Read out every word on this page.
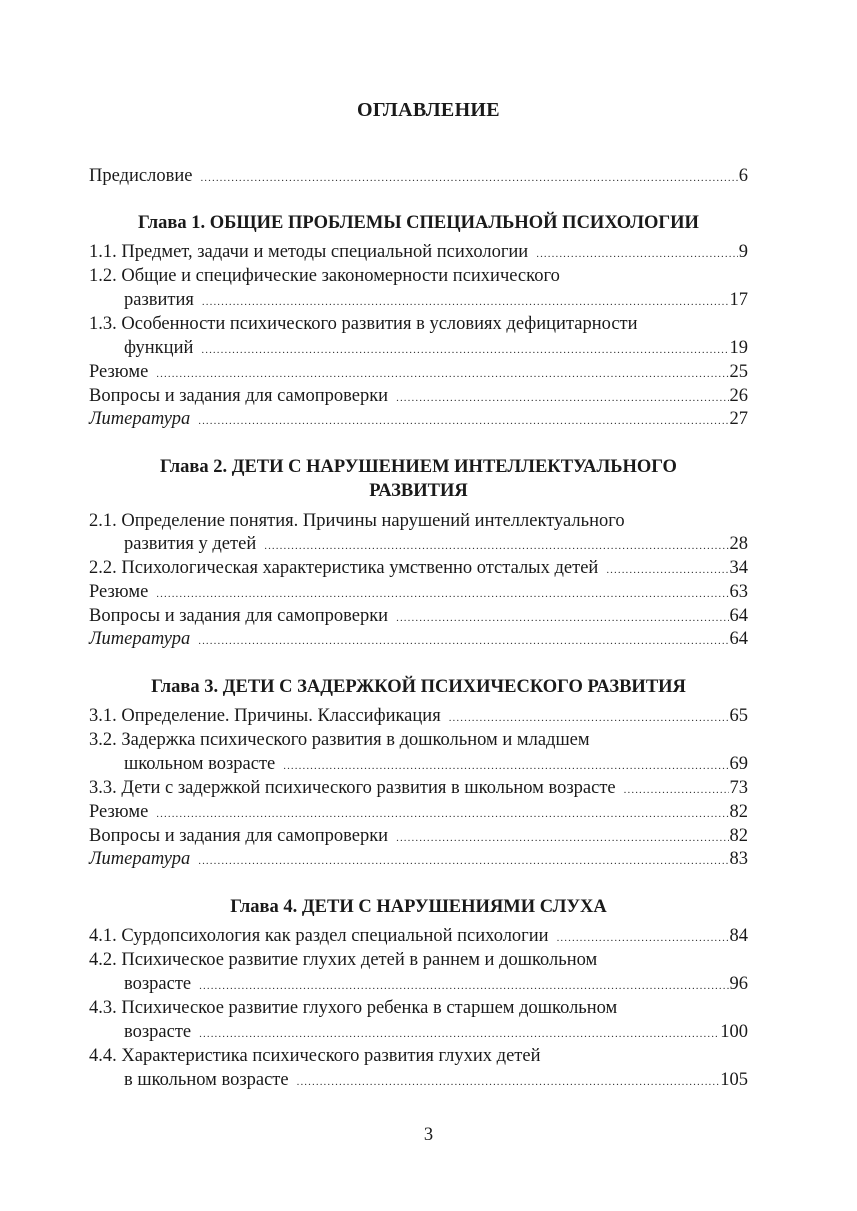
ОГЛАВЛЕНИЕ
Предисловие .....	6
Глава 1. ОБЩИЕ ПРОБЛЕМЫ СПЕЦИАЛЬНОЙ ПСИХОЛОГИИ
1.1. Предмет, задачи и методы специальной психологии .....	9
1.2. Общие и специфические закономерности психического
развития .....	17
1.3. Особенности психического развития в условиях дефицитарности
функций .....	19
Резюме .....	25
Вопросы и задания для самопроверки .....	26
Литература .....	27
Глава 2. ДЕТИ С НАРУШЕНИЕМ ИНТЕЛЛЕКТУАЛЬНОГО
РАЗВИТИЯ
2.1. Определение понятия. Причины нарушений интеллектуального
развития у детей .....	28
2.2. Психологическая характеристика умственно отсталых детей .....	34
Резюме .....	63
Вопросы и задания для самопроверки .....	64
Литература .....	64
Глава 3. ДЕТИ С ЗАДЕРЖКОЙ ПСИХИЧЕСКОГО РАЗВИТИЯ
3.1. Определение. Причины. Классификация .....	65
3.2. Задержка психического развития в дошкольном и младшем
школьном возрасте .....	69
3.3. Дети с задержкой психического развития в школьном возрасте .....	73
Резюме .....	82
Вопросы и задания для самопроверки .....	82
Литература .....	83
Глава 4. ДЕТИ С НАРУШЕНИЯМИ СЛУХА
4.1. Сурдопсихология как раздел специальной психологии .....	84
4.2. Психическое развитие глухих детей в раннем и дошкольном
возрасте .....	96
4.3. Психическое развитие глухого ребенка в старшем дошкольном
возрасте .....	100
4.4. Характеристика психического развития глухих детей
в школьном возрасте .....	105
3
